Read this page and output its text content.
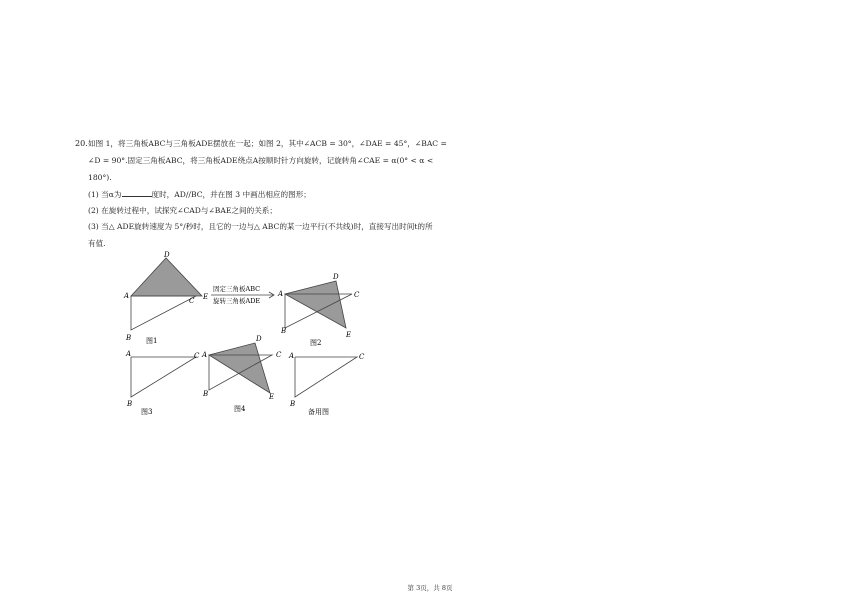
20. 如图 1，将三角板ABC与三角板ADE摆放在一起；如图 2，其中∠ACB = 30°，∠DAE = 45°，∠BAC =
∠D = 90°.固定三角板ABC，将三角板ADE绕点A按顺时针方向旋转，记旋转角∠CAE = α(0° < α <
180°).
(1) 当α为	度时，AD//BC，并在图 3 中画出相应的图形；
(2) 在旋转过程中，试探究∠CAD与∠BAE之间的关系；
(3) 当△ ADE旋转速度为 5°/秒时，且它的一边与△ ABC的某一边平行(不共线)时，直接写出时间t的所
有值.
A
D
E
C
B 图1
固定三角板ABC
旋转三角板ADE
A
D
C
E
B
图2
A	C
B
图3
A
D
C
E
B
图4
A	C
B
备用图
第 3页，共 8页
